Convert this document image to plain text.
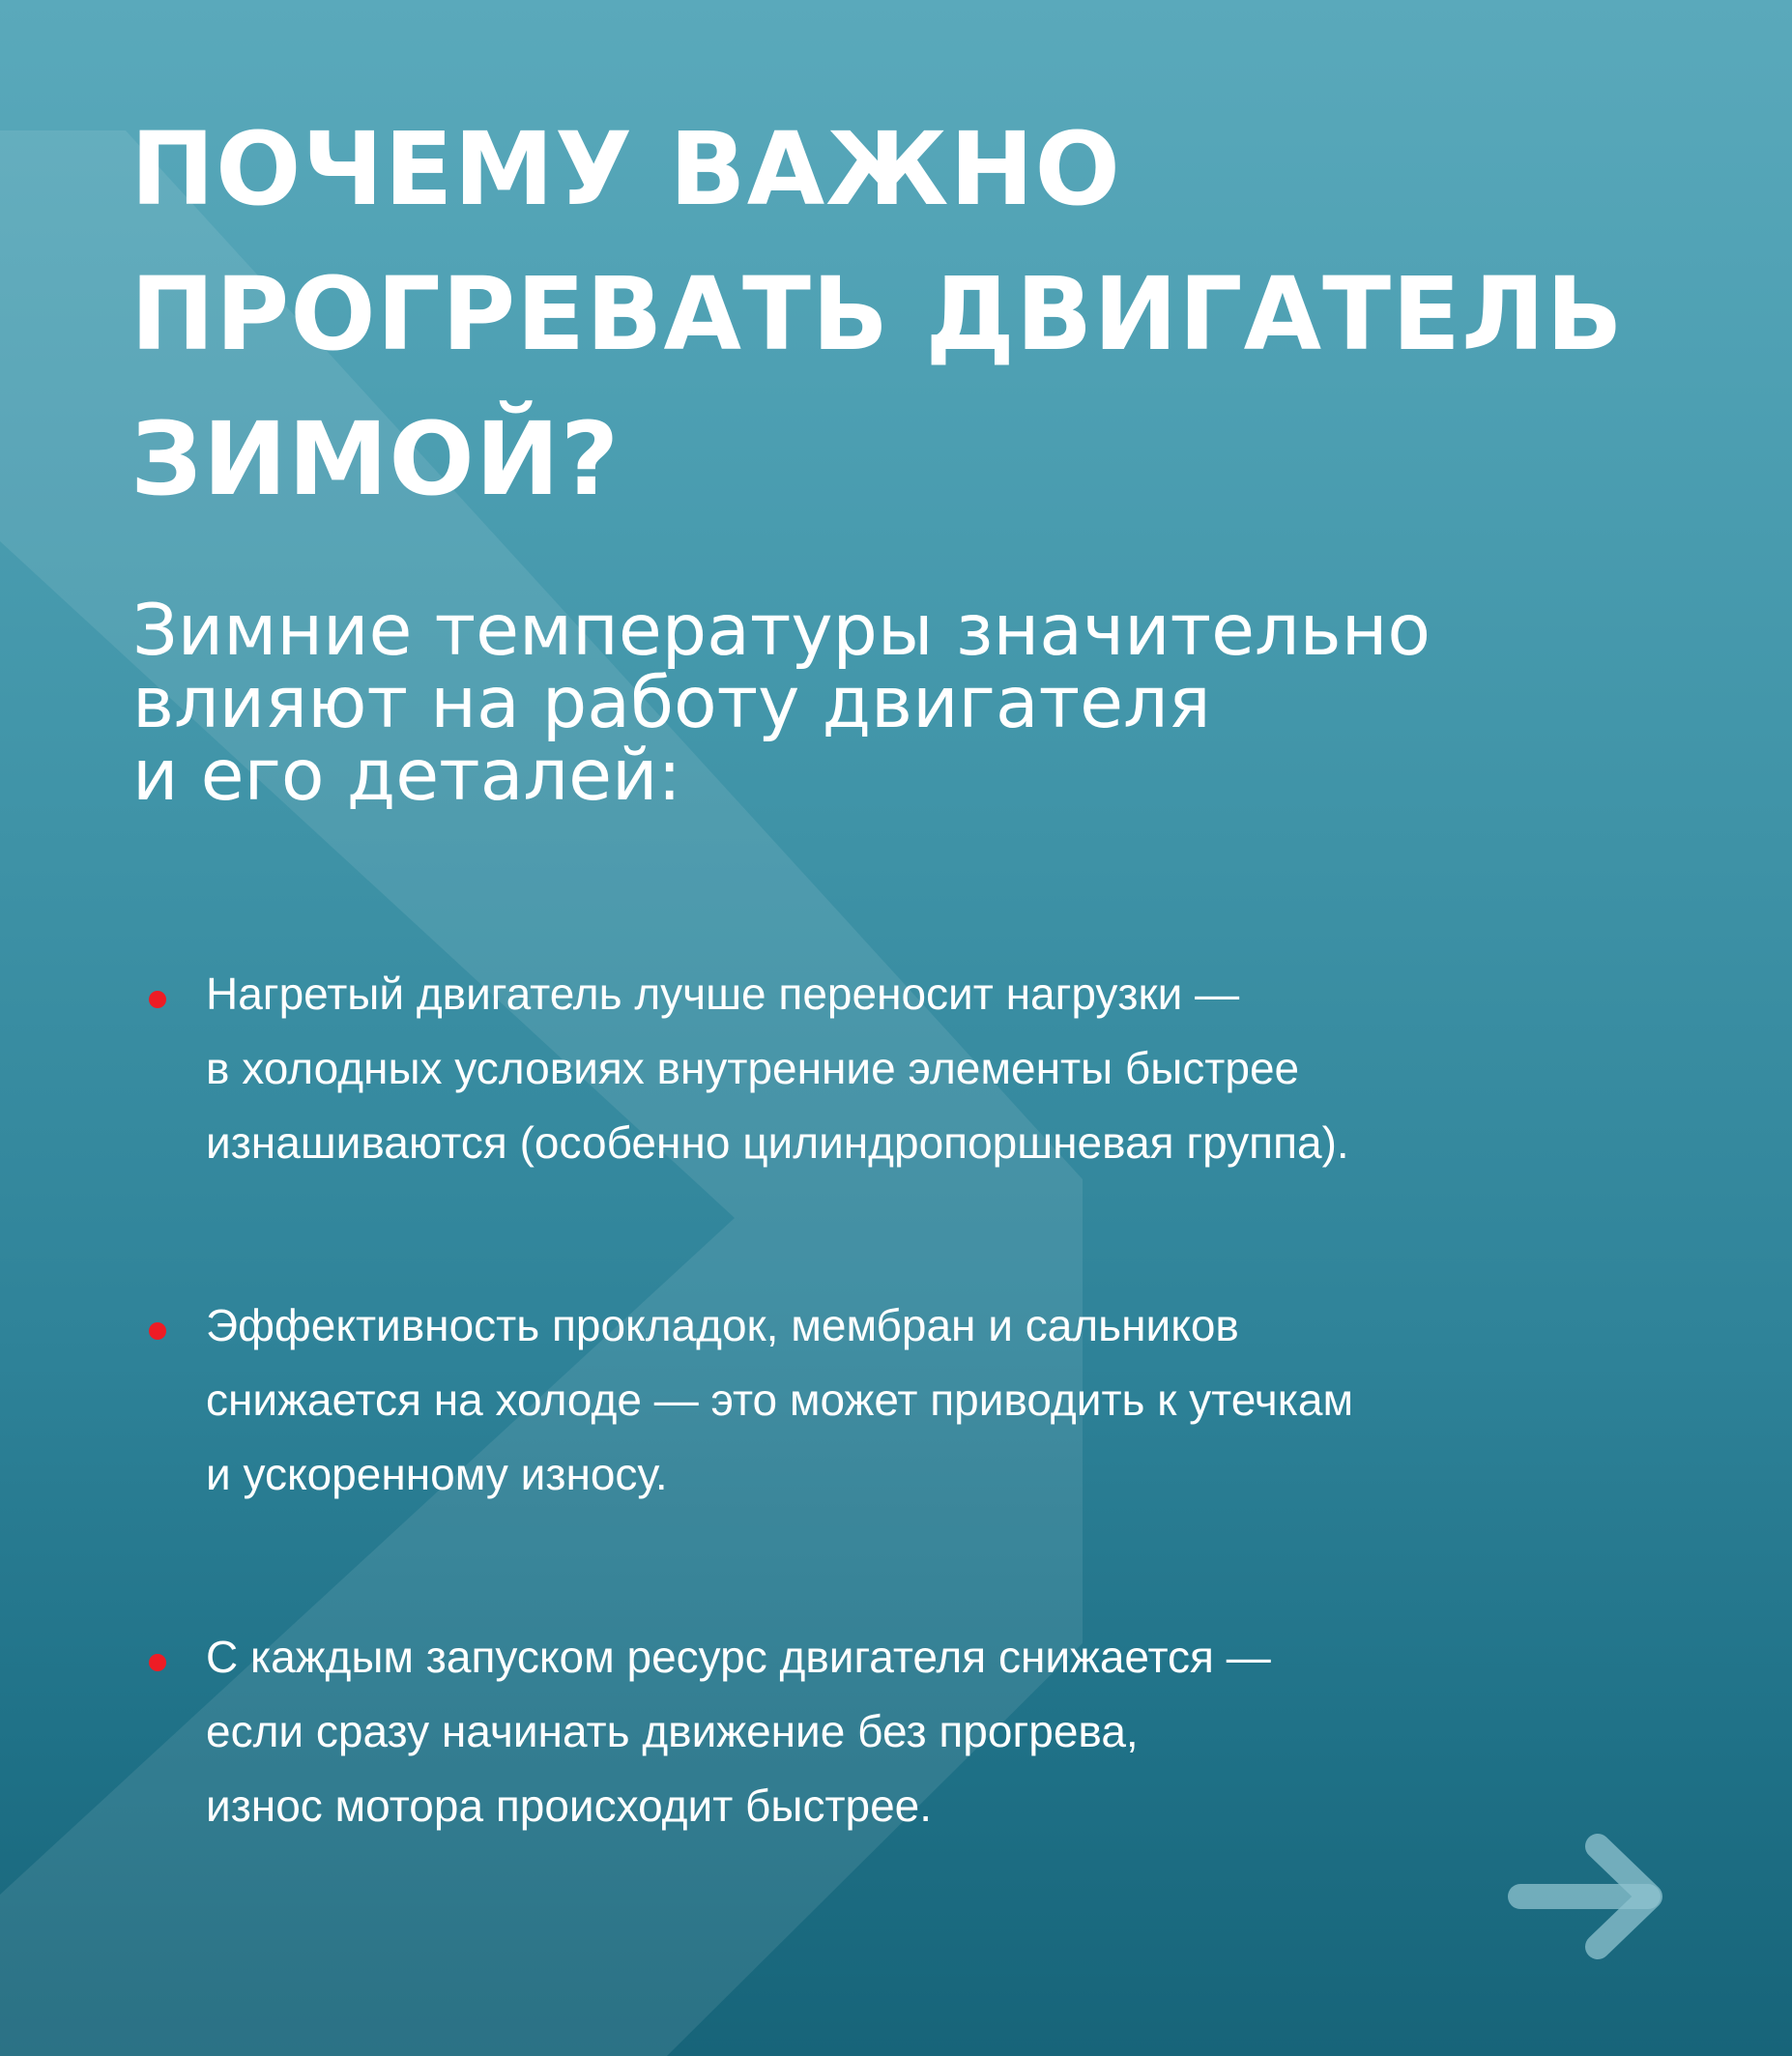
ПОЧЕМУ ВАЖНО
ПРОГРЕВАТЬ ДВИГАТЕЛЬ
ЗИМОЙ?

Зимние температуры значительно
влияют на работу двигателя
и его деталей:

Нагретый двигатель лучше переносит нагрузки —
в холодных условиях внутренние элементы быстрее
изнашиваются (особенно цилиндропоршневая группа).
Эффективность прокладок, мембран и сальников
снижается на холоде — это может приводить к утечкам
и ускоренному износу.
С каждым запуском ресурс двигателя снижается —
если сразу начинать движение без прогрева,
износ мотора происходит быстрее.
